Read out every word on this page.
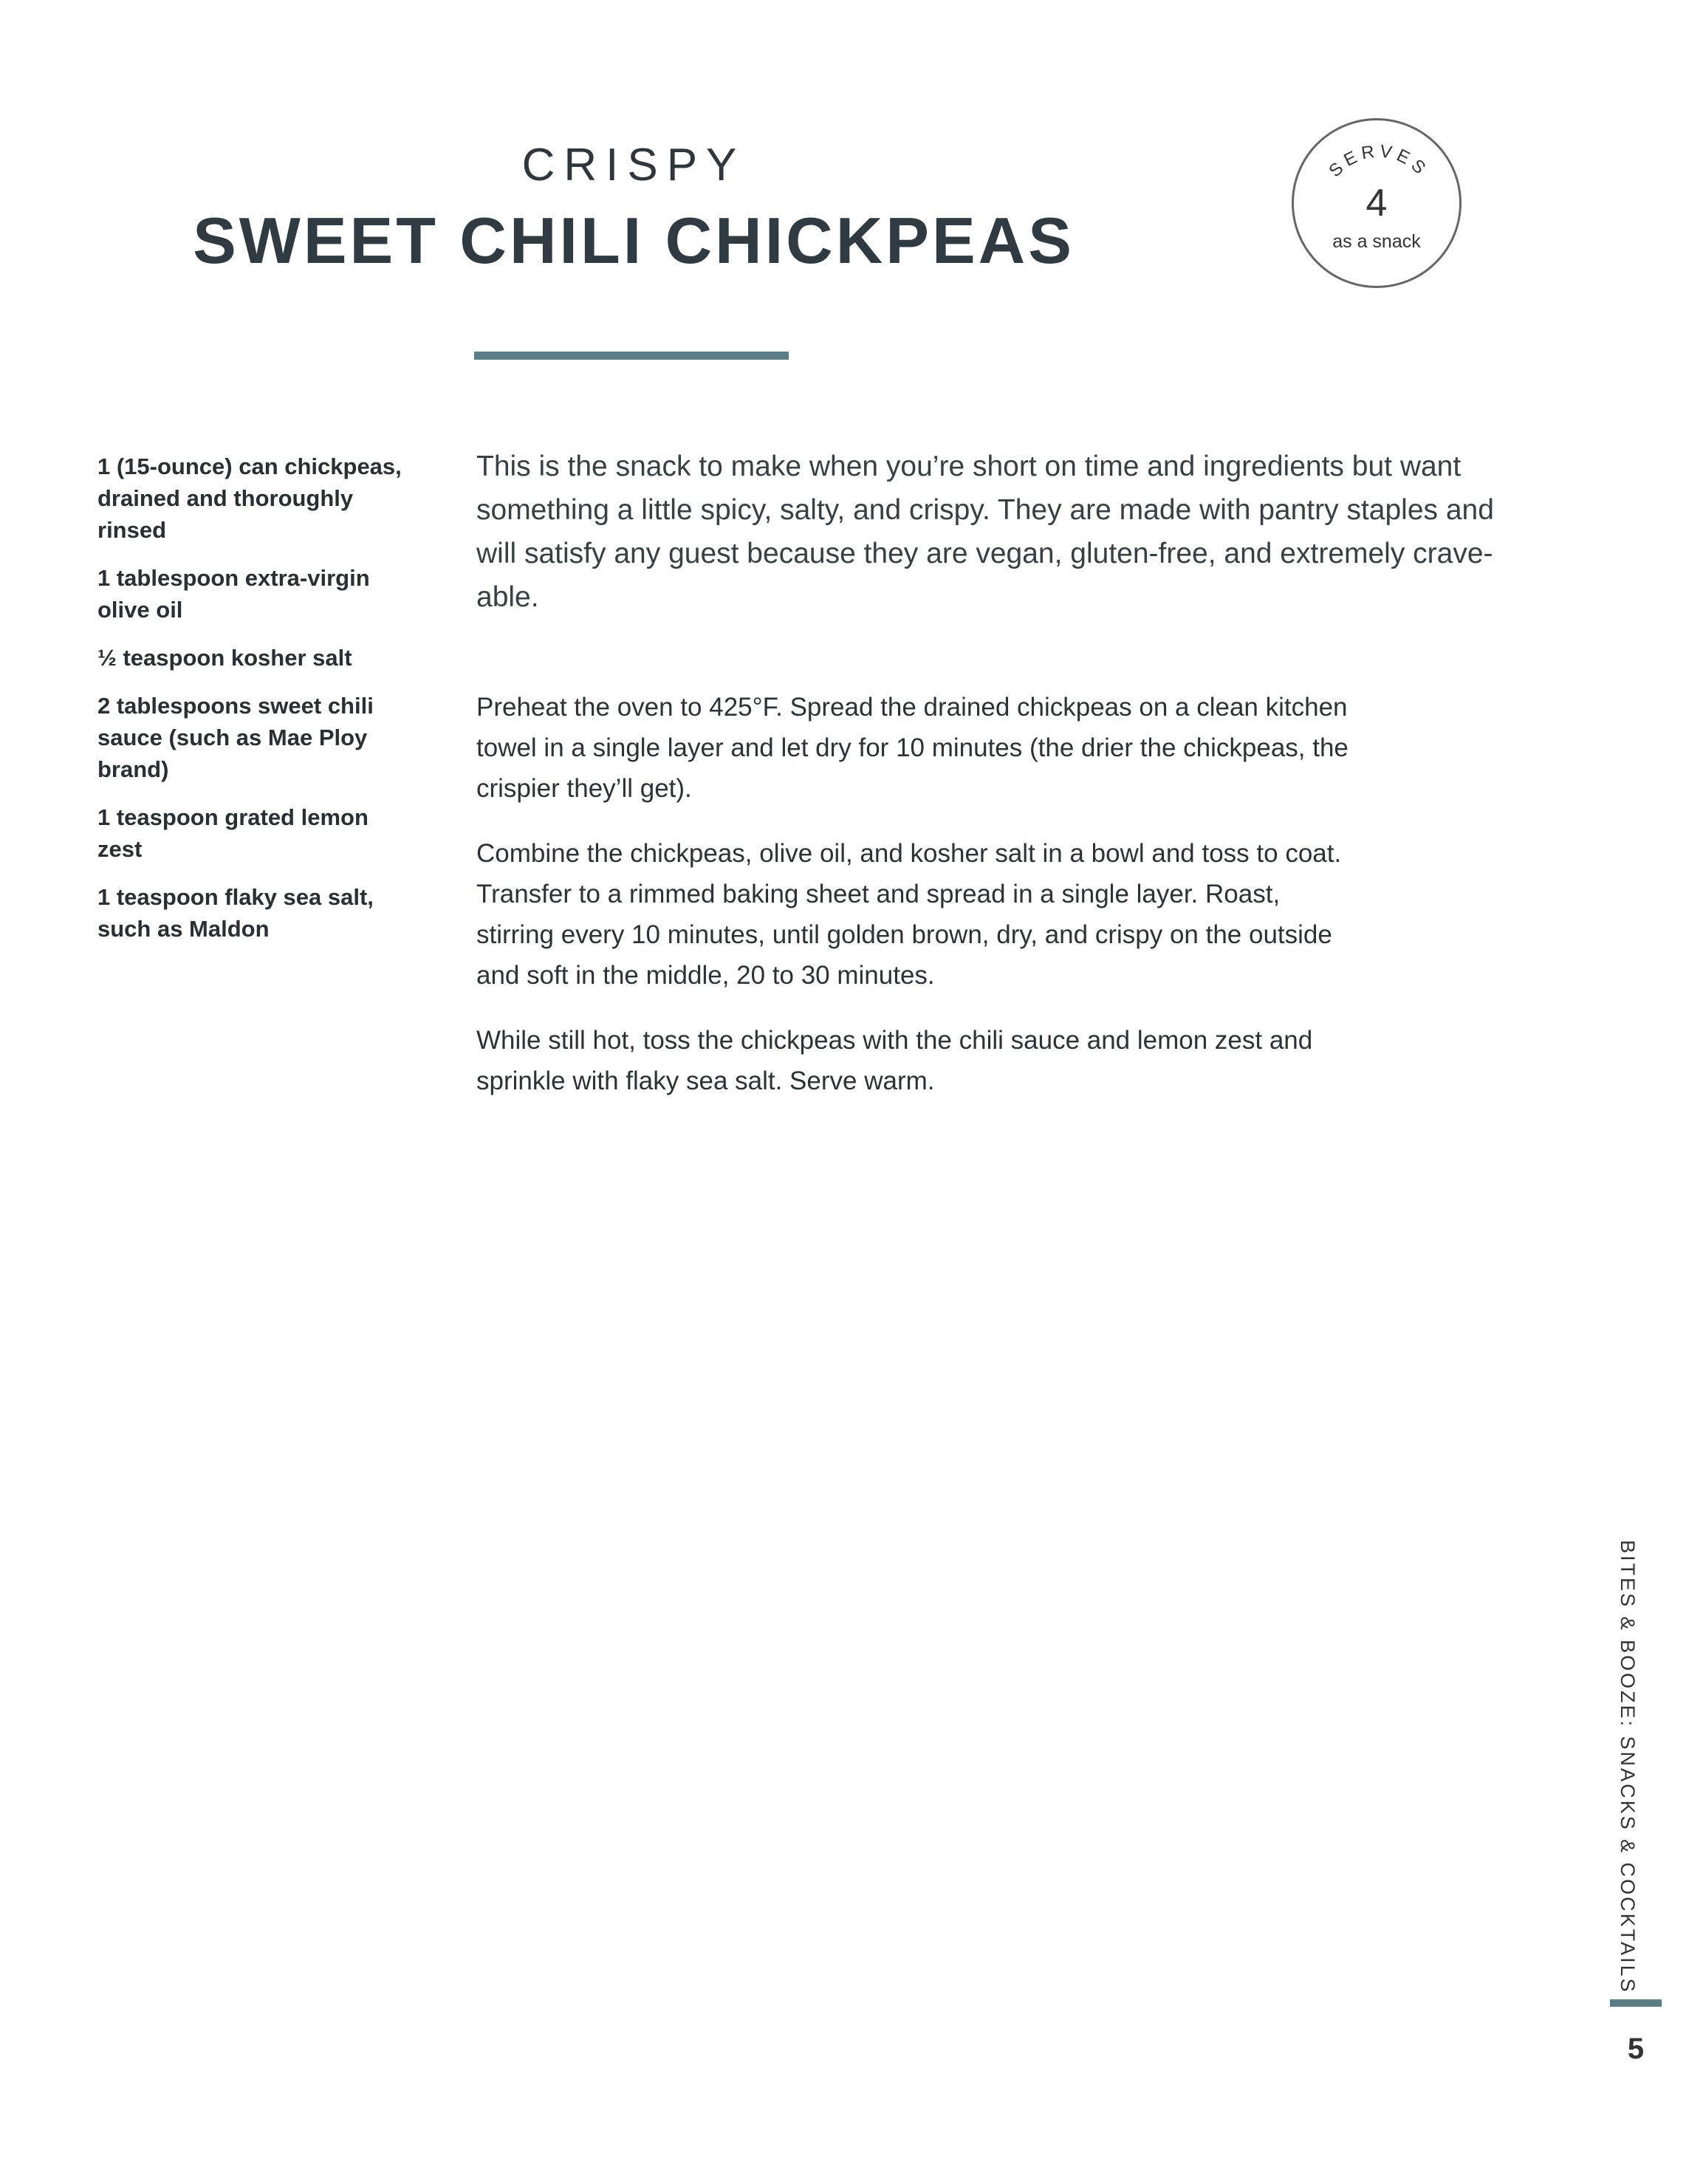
CRISPY
SWEET CHILI CHICKPEAS
SERVES
4
as a snack
1 (15-ounce) can chickpeas, drained and thoroughly rinsed
1 tablespoon extra-virgin olive oil
½ teaspoon kosher salt
2 tablespoons sweet chili sauce (such as Mae Ploy brand)
1 teaspoon grated lemon zest
1 teaspoon flaky sea salt, such as Maldon

This is the snack to make when you’re short on time and ingredients but want something a little spicy, salty, and crispy. They are made with pantry staples and will satisfy any guest because they are vegan, gluten-free, and extremely crave-able.

Preheat the oven to 425°F. Spread the drained chickpeas on a clean kitchen towel in a single layer and let dry for 10 minutes (the drier the chickpeas, the crispier they’ll get).

Combine the chickpeas, olive oil, and kosher salt in a bowl and toss to coat. Transfer to a rimmed baking sheet and spread in a single layer. Roast, stirring every 10 minutes, until golden brown, dry, and crispy on the outside and soft in the middle, 20 to 30 minutes.

While still hot, toss the chickpeas with the chili sauce and lemon zest and sprinkle with flaky sea salt. Serve warm.

BITES & BOOZE: SNACKS & COCKTAILS
5
